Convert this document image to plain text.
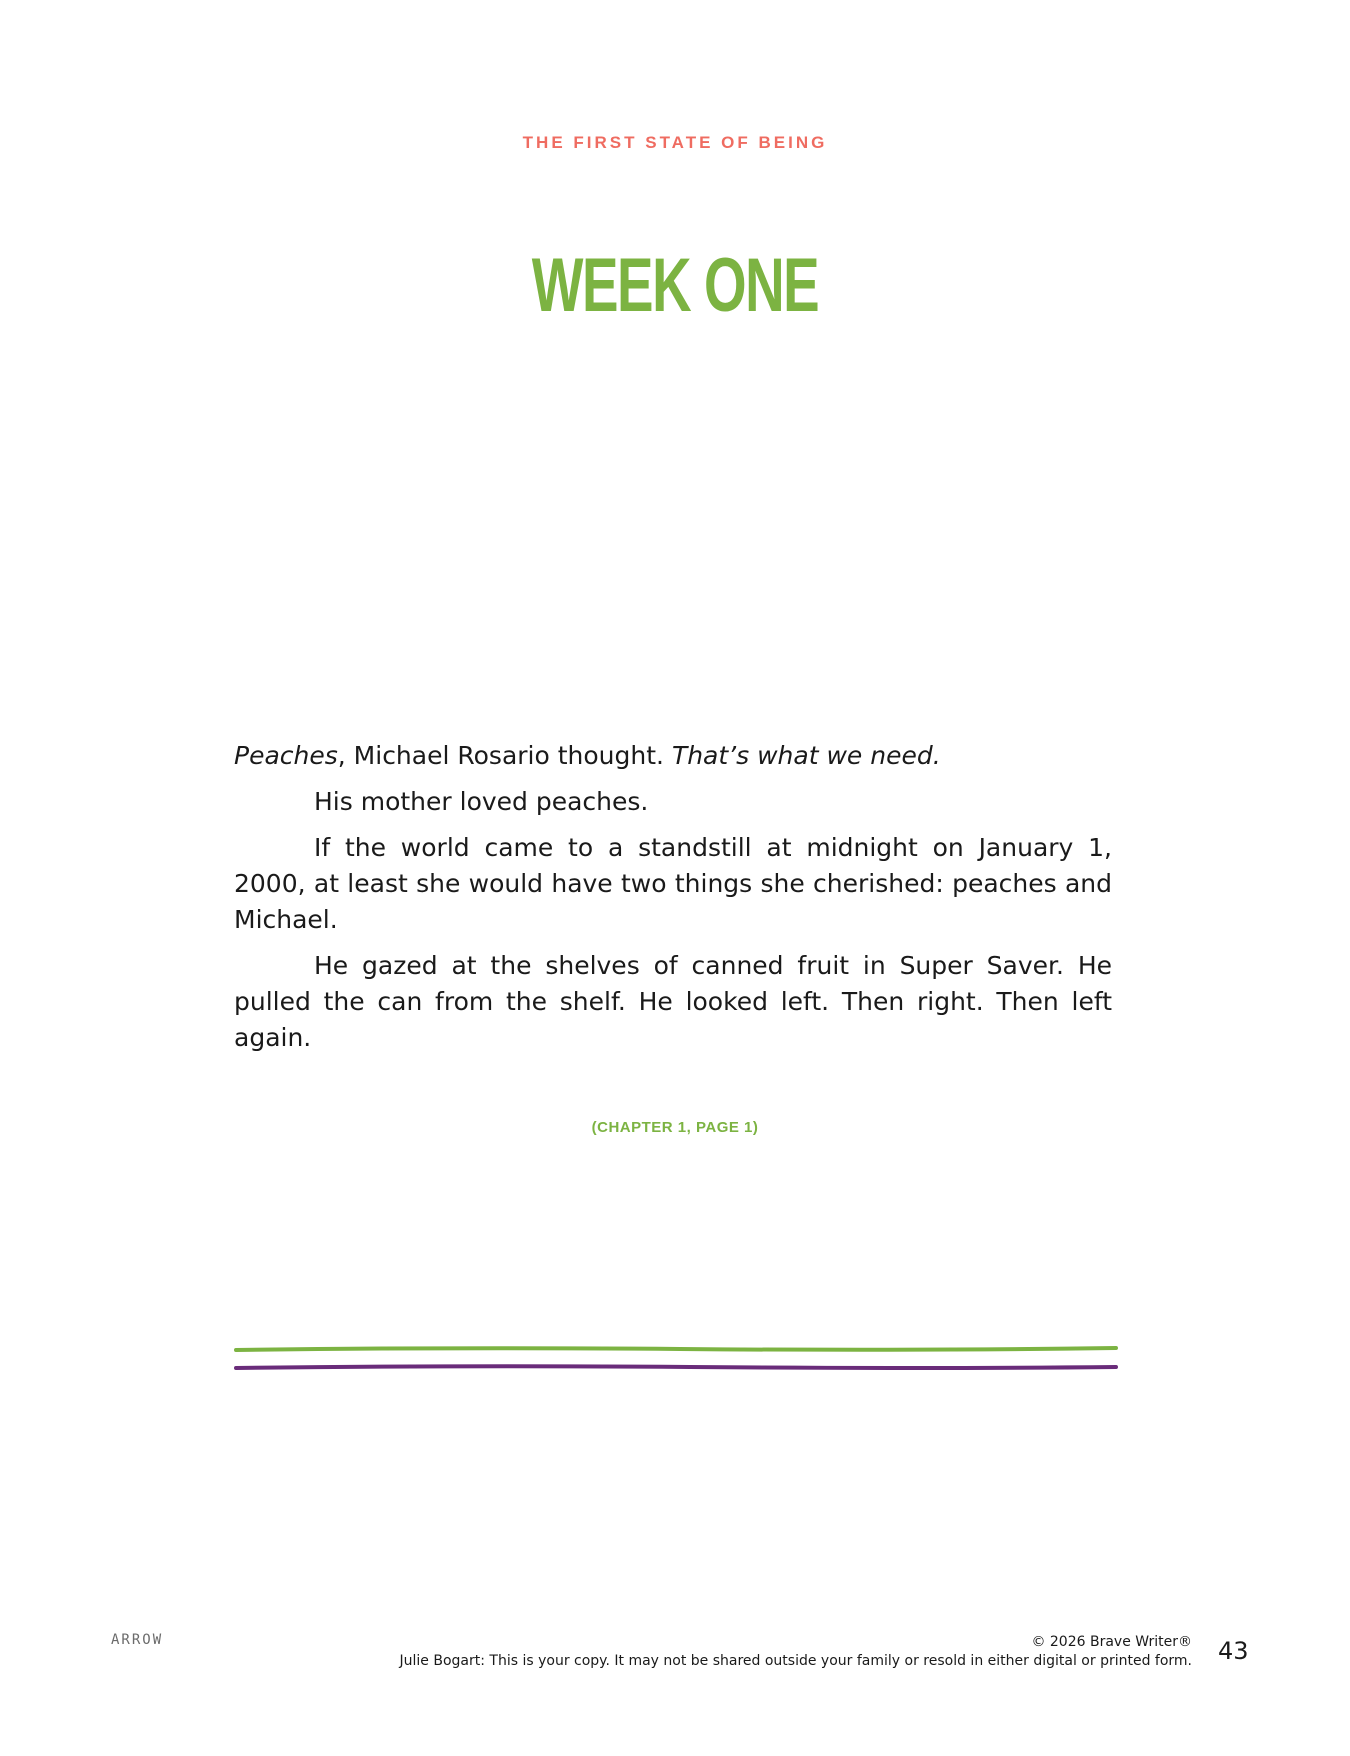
THE FIRST STATE OF BEING
WEEK ONE

Peaches, Michael Rosario thought. That’s what we need.

His mother loved peaches.

If the world came to a standstill at midnight on January 1, 2000, at least she would have two things she cherished: peaches and Michael.

He gazed at the shelves of canned fruit in Super Saver. He pulled the can from the shelf. He looked left. Then right. Then left again.

(CHAPTER 1, PAGE 1)
ARROW	© 2026 Brave Writer®
Julie Bogart: This is your copy. It may not be shared outside your family or resold in either digital or printed form. 43
